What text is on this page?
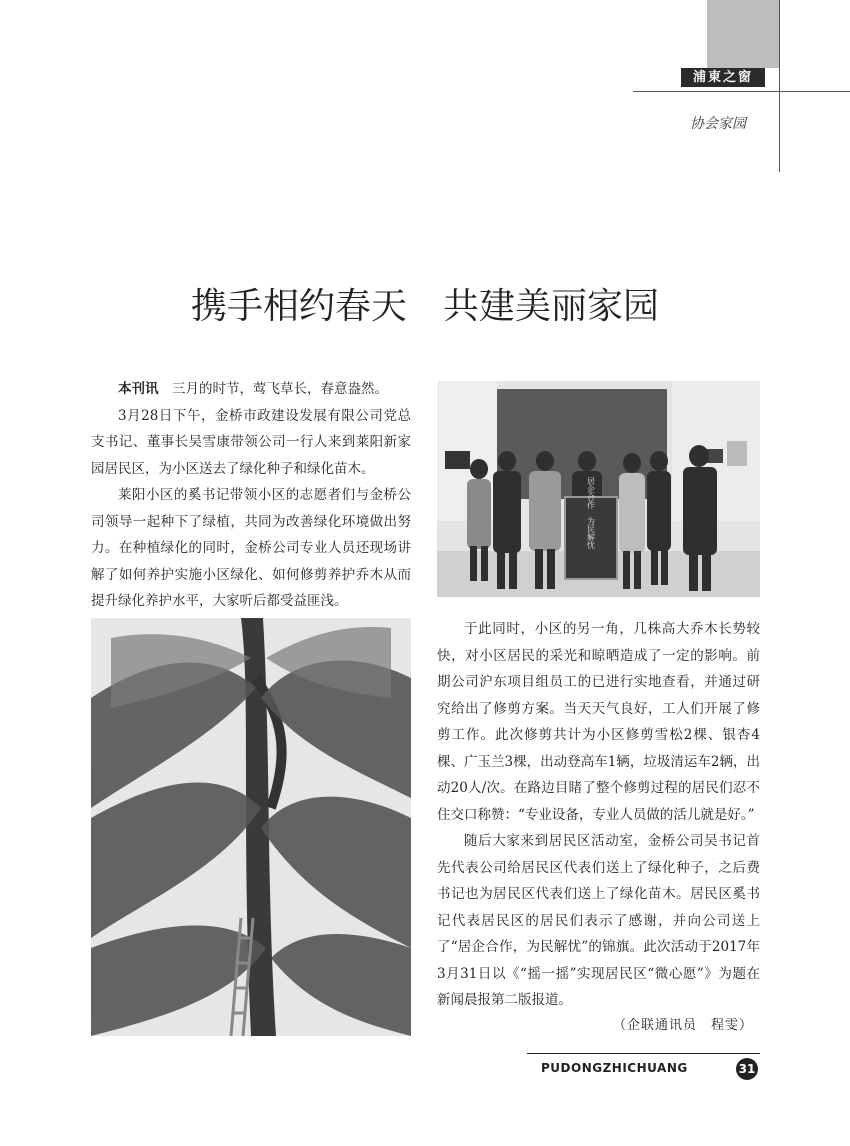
浦東之窗
协会家园
携手相约春天　共建美丽家园

本刊讯　三月的时节，莺飞草长，春意盎然。

3月28日下午，金桥市政建设发展有限公司党总支书记、董事长吴雪康带领公司一行人来到莱阳新家园居民区，为小区送去了绿化种子和绿化苗木。

莱阳小区的奚书记带领小区的志愿者们与金桥公司领导一起种下了绿植，共同为改善绿化环境做出努力。在种植绿化的同时，金桥公司专业人员还现场讲解了如何养护实施小区绿化、如何修剪养护乔木从而提升绿化养护水平，大家听后都受益匪浅。

居企合作　为民解忧

于此同时，小区的另一角，几株高大乔木长势较快，对小区居民的采光和晾晒造成了一定的影响。前期公司沪东项目组员工的已进行实地查看，并通过研究给出了修剪方案。当天天气良好，工人们开展了修剪工作。此次修剪共计为小区修剪雪松2棵、银杏4棵、广玉兰3棵，出动登高车1辆，垃圾清运车2辆，出动20人/次。在路边目睹了整个修剪过程的居民们忍不住交口称赞：“专业设备，专业人员做的活儿就是好。”

随后大家来到居民区活动室，金桥公司吴书记首先代表公司给居民区代表们送上了绿化种子，之后费书记也为居民区代表们送上了绿化苗木。居民区奚书记代表居民区的居民们表示了感谢，并向公司送上了“居企合作，为民解忧”的锦旗。此次活动于2017年3月31日以《“摇一摇”实现居民区“微心愿”》为题在新闻晨报第二版报道。

（企联通讯员　程雯）
PUDONGZHICHUANG	31
